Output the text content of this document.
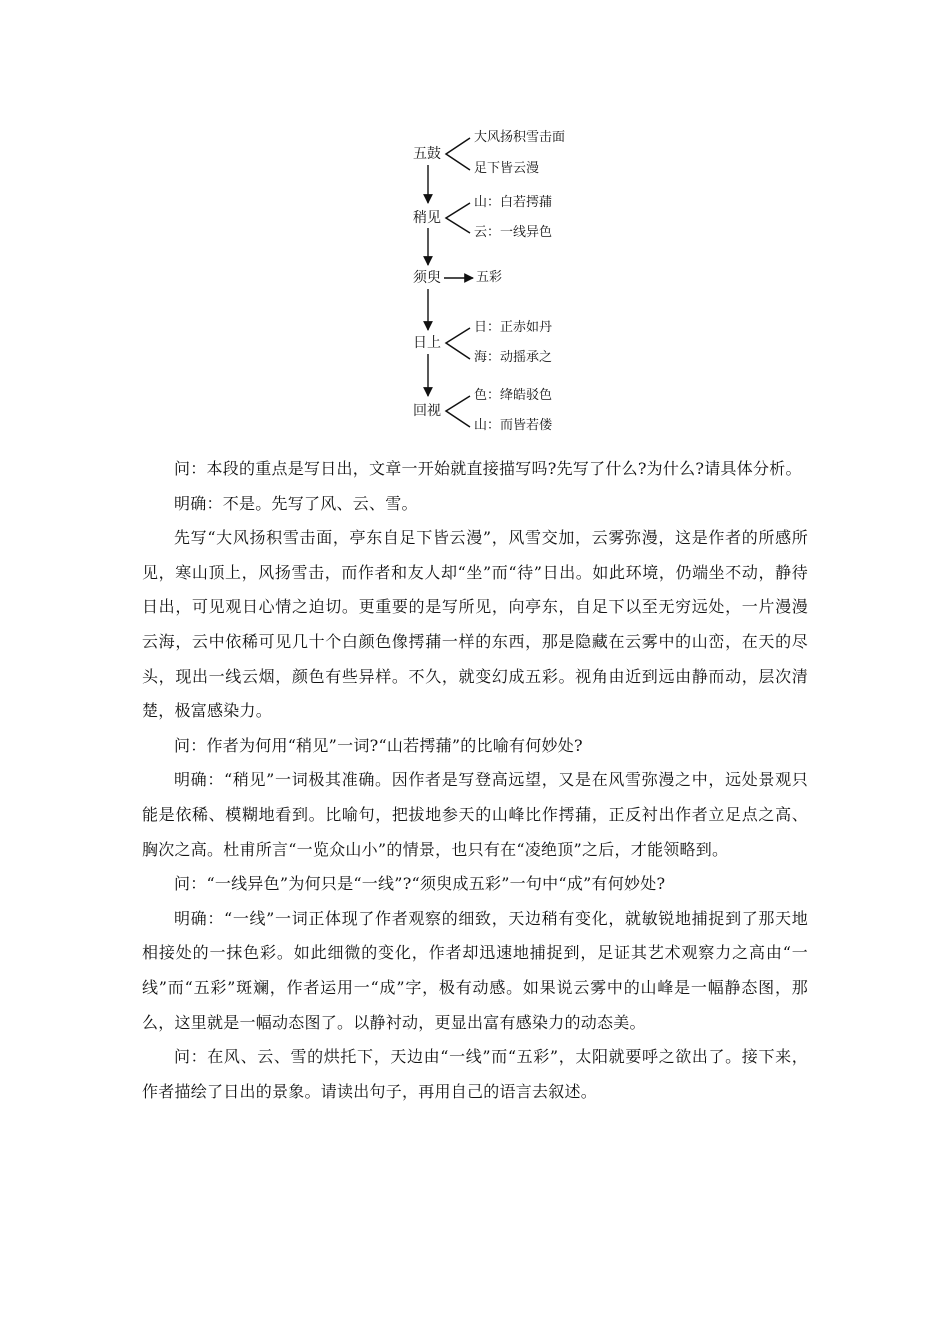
五鼓
大风扬积雪击面
足下皆云漫
稍见
山：白若摴蒱
云：一线异色
须臾	五彩
日上
日：正赤如丹
海：动摇承之
回视
色：绛皓驳色
山：而皆若偻

问：本段的重点是写日出，文章一开始就直接描写吗?先写了什么?为什么?请具体分析。

明确：不是。先写了风、云、雪。

先写“大风扬积雪击面，亭东自足下皆云漫”，风雪交加，云雾弥漫，这是作者的所感所见，寒山顶上，风扬雪击，而作者和友人却“坐”而“待”日出。如此环境，仍端坐不动，静待日出，可见观日心情之迫切。更重要的是写所见，向亭东，自足下以至无穷远处，一片漫漫云海，云中依稀可见几十个白颜色像摴蒱一样的东西，那是隐藏在云雾中的山峦，在天的尽头，现出一线云烟，颜色有些异样。不久，就变幻成五彩。视角由近到远由静而动，层次清楚，极富感染力。

问：作者为何用“稍见”一词?“山若摴蒱”的比喻有何妙处?

明确：“稍见”一词极其准确。因作者是写登高远望，又是在风雪弥漫之中，远处景观只能是依稀、模糊地看到。比喻句，把拔地参天的山峰比作摴蒱，正反衬出作者立足点之高、胸次之高。杜甫所言“一览众山小”的情景，也只有在“凌绝顶”之后，才能领略到。

问：“一线异色”为何只是“一线”?“须臾成五彩”一句中“成”有何妙处?

明确：“一线”一词正体现了作者观察的细致，天边稍有变化，就敏锐地捕捉到了那天地相接处的一抹色彩。如此细微的变化，作者却迅速地捕捉到，足证其艺术观察力之高由“一线”而“五彩”斑斓，作者运用一“成”字，极有动感。如果说云雾中的山峰是一幅静态图，那么，这里就是一幅动态图了。以静衬动，更显出富有感染力的动态美。

问：在风、云、雪的烘托下，天边由“一线”而“五彩”，太阳就要呼之欲出了。接下来，作者描绘了日出的景象。请读出句子，再用自己的语言去叙述。
